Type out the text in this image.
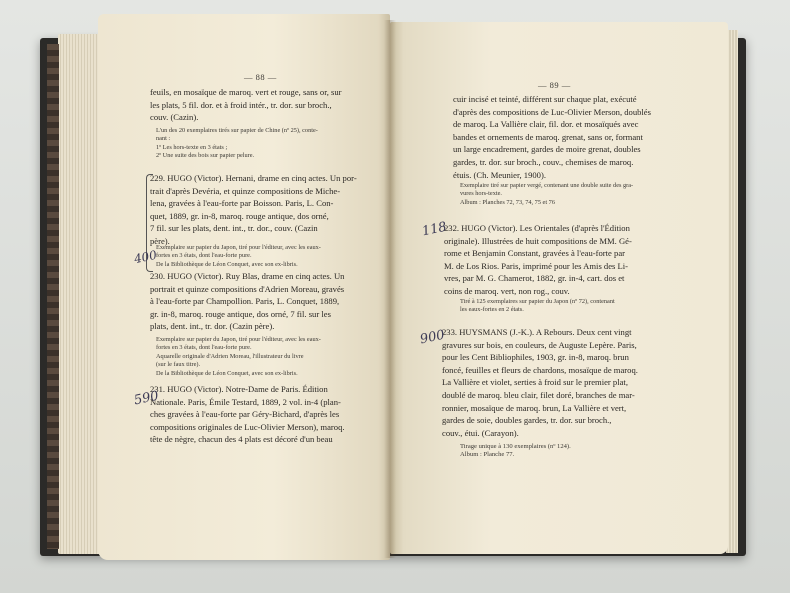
— 88 —
feuils, en mosaïque de maroq. vert et rouge, sans or, sur
les plats, 5 fil. dor. et à froid intér., tr. dor. sur broch.,
couv. (Cazin).
L'un des 20 exemplaires tirés sur papier de Chine (nº 25), conte-
nant :
1º Les hors-texte en 3 états ;
2º Une suite des bois sur papier pelure.
229. HUGO (Victor). Hernani, drame en cinq actes. Un por-
trait d'après Devéria, et quinze compositions de Miche-
lena, gravées à l'eau-forte par Boisson. Paris, L. Con-
quet, 1889, gr. in-8, maroq. rouge antique, dos orné,
7 fil. sur les plats, dent. int., tr. dor., couv. (Cazin
père).
Exemplaire sur papier du Japon, tiré pour l'éditeur, avec les eaux-
fortes en 3 états, dont l'eau-forte pure.
De la Bibliothèque de Léon Conquet, avec son ex-libris.
230. HUGO (Victor). Ruy Blas, drame en cinq actes. Un
portrait et quinze compositions d'Adrien Moreau, gravés
à l'eau-forte par Champollion. Paris, L. Conquet, 1889,
gr. in-8, maroq. rouge antique, dos orné, 7 fil. sur les
plats, dent. int., tr. dor. (Cazin père).
Exemplaire sur papier du Japon, tiré pour l'éditeur, avec les eaux-
fortes en 3 états, dont l'eau-forte pure.
Aquarelle originale d'Adrien Moreau, l'illustrateur du livre
(sur le faux titre).
De la Bibliothèque de Léon Conquet, avec son ex-libris.
231. HUGO (Victor). Notre-Dame de Paris. Édition
Nationale. Paris, Émile Testard, 1889, 2 vol. in-4 (plan-
ches gravées à l'eau-forte par Géry-Bichard, d'après les
compositions originales de Luc-Olivier Merson), maroq.
tête de nègre, chacun des 4 plats est décoré d'un beau
400
590
— 89 —
cuir incisé et teinté, différent sur chaque plat, exécuté
d'après des compositions de Luc-Olivier Merson, doublés
de maroq. La Vallière clair, fil. dor. et mosaïqués avec
bandes et ornements de maroq. grenat, sans or, formant
un large encadrement, gardes de moire grenat, doubles
gardes, tr. dor. sur broch., couv., chemises de maroq.
étuis. (Ch. Meunier, 1900).
Exemplaire tiré sur papier vergé, contenant une double suite des gra-
vures hors-texte.
Album : Planches 72, 73, 74, 75 et 76
232. HUGO (Victor). Les Orientales (d'après l'Édition
originale). Illustrées de huit compositions de MM. Gé-
rome et Benjamin Constant, gravées à l'eau-forte par
M. de Los Rios. Paris, imprimé pour les Amis des Li-
vres, par M. G. Chamerot, 1882, gr. in-4, cart. dos et
coins de maroq. vert, non rog., couv.
Tiré à 125 exemplaires sur papier du Japon (nº 72), contenant
les eaux-fortes en 2 états.
233. HUYSMANS (J.-K.). A Rebours. Deux cent vingt
gravures sur bois, en couleurs, de Auguste Lepère. Paris,
pour les Cent Bibliophiles, 1903, gr. in-8, maroq. brun
foncé, feuilles et fleurs de chardons, mosaïque de maroq.
La Vallière et violet, serties à froid sur le premier plat,
doublé de maroq. bleu clair, filet doré, branches de mar-
ronnier, mosaïque de maroq. brun, La Vallière et vert,
gardes de soie, doubles gardes, tr. dor. sur broch.,
couv., étui. (Carayon).
Tirage unique à 130 exemplaires (nº 124).
Album : Planche 77.
118
900
